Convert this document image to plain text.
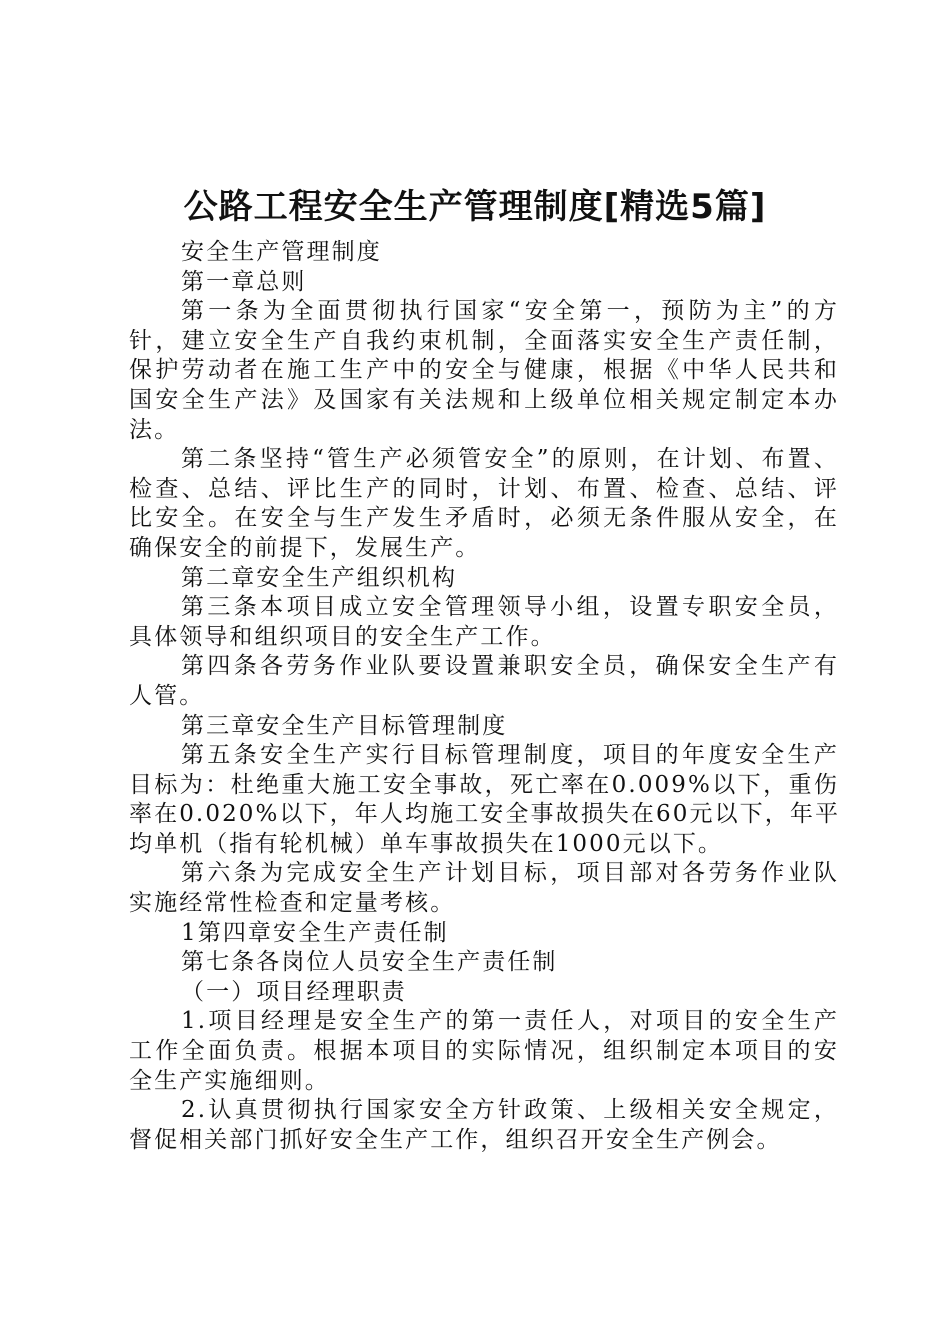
公路工程安全生产管理制度[精选5篇]
安全生产管理制度
第一章总则
第一条为全面贯彻执行国家“安全第一，预防为主”的方
针，建立安全生产自我约束机制，全面落实安全生产责任制，
保护劳动者在施工生产中的安全与健康，根据《中华人民共和
国安全生产法》及国家有关法规和上级单位相关规定制定本办
法。
第二条坚持“管生产必须管安全”的原则，在计划、布置、
检查、总结、评比生产的同时，计划、布置、检查、总结、评
比安全。在安全与生产发生矛盾时，必须无条件服从安全，在
确保安全的前提下，发展生产。
第二章安全生产组织机构
第三条本项目成立安全管理领导小组，设置专职安全员，
具体领导和组织项目的安全生产工作。
第四条各劳务作业队要设置兼职安全员，确保安全生产有
人管。
第三章安全生产目标管理制度
第五条安全生产实行目标管理制度，项目的年度安全生产
目标为：杜绝重大施工安全事故，死亡率在0.009%以下，重伤
率在0.020%以下，年人均施工安全事故损失在60元以下，年平
均单机（指有轮机械）单车事故损失在1000元以下。
第六条为完成安全生产计划目标，项目部对各劳务作业队
实施经常性检查和定量考核。
1第四章安全生产责任制
第七条各岗位人员安全生产责任制
（一）项目经理职责
1.项目经理是安全生产的第一责任人，对项目的安全生产
工作全面负责。根据本项目的实际情况，组织制定本项目的安
全生产实施细则。
2.认真贯彻执行国家安全方针政策、上级相关安全规定，
督促相关部门抓好安全生产工作，组织召开安全生产例会。
